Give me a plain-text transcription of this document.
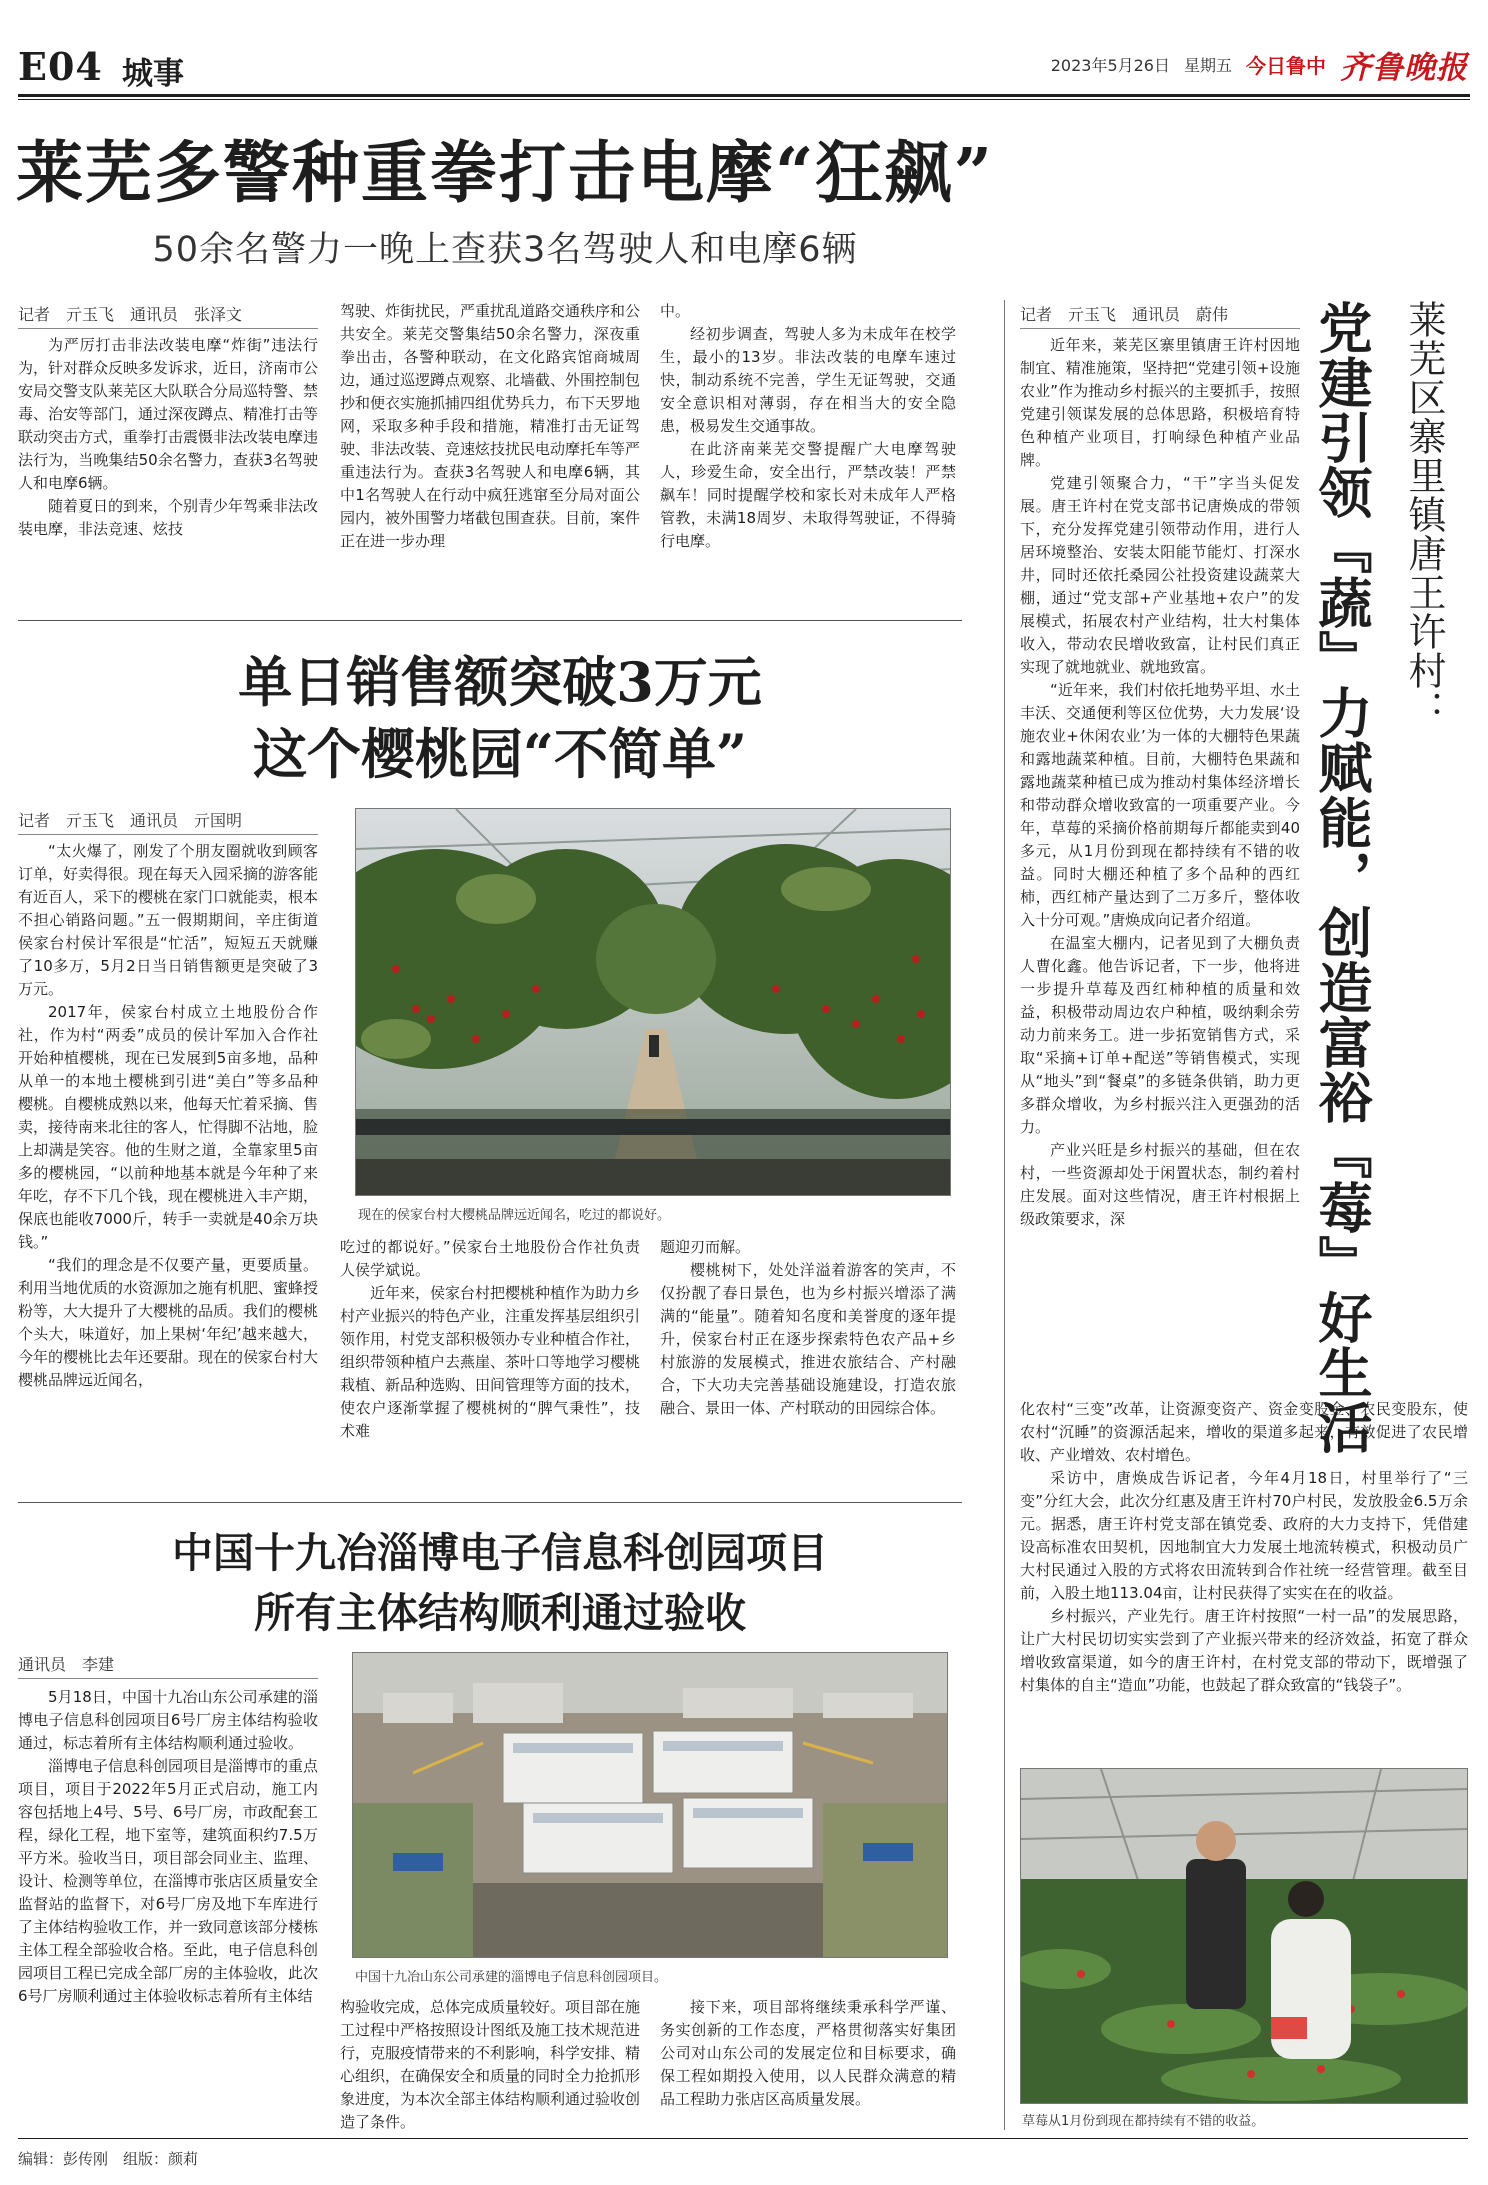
E04 城事	2023年5月26日 星期五 今日鲁中 齐鲁晚报
莱芜多警种重拳打击电摩“狂飙”
50余名警力一晚上查获3名驾驶人和电摩6辆
记者　亓玉飞　通讯员　张泽文

为严厉打击非法改装电摩“炸街”违法行为，针对群众反映多发诉求，近日，济南市公安局交警支队莱芜区大队联合分局巡特警、禁毒、治安等部门，通过深夜蹲点、精准打击等联动突击方式，重拳打击震慑非法改装电摩违法行为，当晚集结50余名警力，查获3名驾驶人和电摩6辆。

随着夏日的到来，个别青少年驾乘非法改装电摩，非法竞速、炫技

驾驶、炸街扰民，严重扰乱道路交通秩序和公共安全。莱芜交警集结50余名警力，深夜重拳出击，各警种联动，在文化路宾馆商城周边，通过巡逻蹲点观察、北墙截、外围控制包抄和便衣实施抓捕四组优势兵力，布下天罗地网，采取多种手段和措施，精准打击无证驾驶、非法改装、竞速炫技扰民电动摩托车等严重违法行为。查获3名驾驶人和电摩6辆，其中1名驾驶人在行动中疯狂逃窜至分局对面公园内，被外围警力堵截包围查获。目前，案件正在进一步办理

中。

经初步调查，驾驶人多为未成年在校学生，最小的13岁。非法改装的电摩车速过快，制动系统不完善，学生无证驾驶，交通安全意识相对薄弱，存在相当大的安全隐患，极易发生交通事故。

在此济南莱芜交警提醒广大电摩驾驶人，珍爱生命，安全出行，严禁改装！严禁飙车！同时提醒学校和家长对未成年人严格管教，未满18周岁、未取得驾驶证，不得骑行电摩。

单日销售额突破3万元
这个樱桃园“不简单”
记者　亓玉飞　通讯员　亓国明

“太火爆了，刚发了个朋友圈就收到顾客订单，好卖得很。现在每天入园采摘的游客能有近百人，采下的樱桃在家门口就能卖，根本不担心销路问题。”五一假期期间，辛庄街道侯家台村侯计军很是“忙活”，短短五天就赚了10多万，5月2日当日销售额更是突破了3万元。

2017年，侯家台村成立土地股份合作社，作为村“两委”成员的侯计军加入合作社开始种植樱桃，现在已发展到5亩多地，品种从单一的本地土樱桃到引进“美白”等多品种樱桃。自樱桃成熟以来，他每天忙着采摘、售卖，接待南来北往的客人，忙得脚不沾地，脸上却满是笑容。他的生财之道，全靠家里5亩多的樱桃园，“以前种地基本就是今年种了来年吃，存不下几个钱，现在樱桃进入丰产期，保底也能收7000斤，转手一卖就是40余万块钱。”

“我们的理念是不仅要产量，更要质量。利用当地优质的水资源加之施有机肥、蜜蜂授粉等，大大提升了大樱桃的品质。我们的樱桃个头大，味道好，加上果树‘年纪’越来越大，今年的樱桃比去年还要甜。现在的侯家台村大樱桃品牌远近闻名，

现在的侯家台村大樱桃品牌远近闻名，吃过的都说好。

吃过的都说好。”侯家台土地股份合作社负责人侯学斌说。

近年来，侯家台村把樱桃种植作为助力乡村产业振兴的特色产业，注重发挥基层组织引领作用，村党支部积极领办专业种植合作社，组织带领种植户去燕崖、茶叶口等地学习樱桃栽植、新品种选购、田间管理等方面的技术，使农户逐渐掌握了樱桃树的“脾气秉性”，技术难

题迎刃而解。

樱桃树下，处处洋溢着游客的笑声，不仅扮靓了春日景色，也为乡村振兴增添了满满的“能量”。随着知名度和美誉度的逐年提升，侯家台村正在逐步探索特色农产品+乡村旅游的发展模式，推进农旅结合、产村融合，下大功夫完善基础设施建设，打造农旅融合、景田一体、产村联动的田园综合体。

中国十九冶淄博电子信息科创园项目
所有主体结构顺利通过验收
通讯员　李建

5月18日，中国十九冶山东公司承建的淄博电子信息科创园项目6号厂房主体结构验收通过，标志着所有主体结构顺利通过验收。

淄博电子信息科创园项目是淄博市的重点项目，项目于2022年5月正式启动，施工内容包括地上4号、5号、6号厂房，市政配套工程，绿化工程，地下室等，建筑面积约7.5万平方米。验收当日，项目部会同业主、监理、设计、检测等单位，在淄博市张店区质量安全监督站的监督下，对6号厂房及地下车库进行了主体结构验收工作，并一致同意该部分楼栋主体工程全部验收合格。至此，电子信息科创园项目工程已完成全部厂房的主体验收，此次6号厂房顺利通过主体验收标志着所有主体结

中国十九冶山东公司承建的淄博电子信息科创园项目。

构验收完成，总体完成质量较好。项目部在施工过程中严格按照设计图纸及施工技术规范进行，克服疫情带来的不利影响，科学安排、精心组织，在确保安全和质量的同时全力抢抓形象进度，为本次全部主体结构顺利通过验收创造了条件。

接下来，项目部将继续秉承科学严谨、务实创新的工作态度，严格贯彻落实好集团公司对山东公司的发展定位和目标要求，确保工程如期投入使用，以人民群众满意的精品工程助力张店区高质量发展。

莱芜区寨里镇唐王许村：
党建引领『蔬』力赋能，创造富裕『莓』好生活
记者　亓玉飞　通讯员　蔚伟

近年来，莱芜区寨里镇唐王许村因地制宜、精准施策，坚持把“党建引领+设施农业”作为推动乡村振兴的主要抓手，按照党建引领谋发展的总体思路，积极培育特色种植产业项目，打响绿色种植产业品牌。

党建引领聚合力，“干”字当头促发展。唐王许村在党支部书记唐焕成的带领下，充分发挥党建引领带动作用，进行人居环境整治、安装太阳能节能灯、打深水井，同时还依托桑园公社投资建设蔬菜大棚，通过“党支部+产业基地+农户”的发展模式，拓展农村产业结构，壮大村集体收入，带动农民增收致富，让村民们真正实现了就地就业、就地致富。

“近年来，我们村依托地势平坦、水土丰沃、交通便利等区位优势，大力发展‘设施农业+休闲农业’为一体的大棚特色果蔬和露地蔬菜种植。目前，大棚特色果蔬和露地蔬菜种植已成为推动村集体经济增长和带动群众增收致富的一项重要产业。今年，草莓的采摘价格前期每斤都能卖到40多元，从1月份到现在都持续有不错的收益。同时大棚还种植了多个品种的西红柿，西红柿产量达到了二万多斤，整体收入十分可观。”唐焕成向记者介绍道。

在温室大棚内，记者见到了大棚负责人曹化鑫。他告诉记者，下一步，他将进一步提升草莓及西红柿种植的质量和效益，积极带动周边农户种植，吸纳剩余劳动力前来务工。进一步拓宽销售方式，采取“采摘+订单+配送”等销售模式，实现从“地头”到“餐桌”的多链条供销，助力更多群众增收，为乡村振兴注入更强劲的活力。

产业兴旺是乡村振兴的基础，但在农村，一些资源却处于闲置状态，制约着村庄发展。面对这些情况，唐王许村根据上级政策要求，深

化农村“三变”改革，让资源变资产、资金变股金、农民变股东，使农村“沉睡”的资源活起来，增收的渠道多起来，有效促进了农民增收、产业增效、农村增色。

采访中，唐焕成告诉记者，今年4月18日，村里举行了“三变”分红大会，此次分红惠及唐王许村70户村民，发放股金6.5万余元。据悉，唐王许村党支部在镇党委、政府的大力支持下，凭借建设高标准农田契机，因地制宜大力发展土地流转模式，积极动员广大村民通过入股的方式将农田流转到合作社统一经营管理。截至目前，入股土地113.04亩，让村民获得了实实在在的收益。

乡村振兴，产业先行。唐王许村按照“一村一品”的发展思路，让广大村民切切实实尝到了产业振兴带来的经济效益，拓宽了群众增收致富渠道，如今的唐王许村，在村党支部的带动下，既增强了村集体的自主“造血”功能，也鼓起了群众致富的“钱袋子”。

草莓从1月份到现在都持续有不错的收益。
编辑：彭传刚　组版：颜莉
